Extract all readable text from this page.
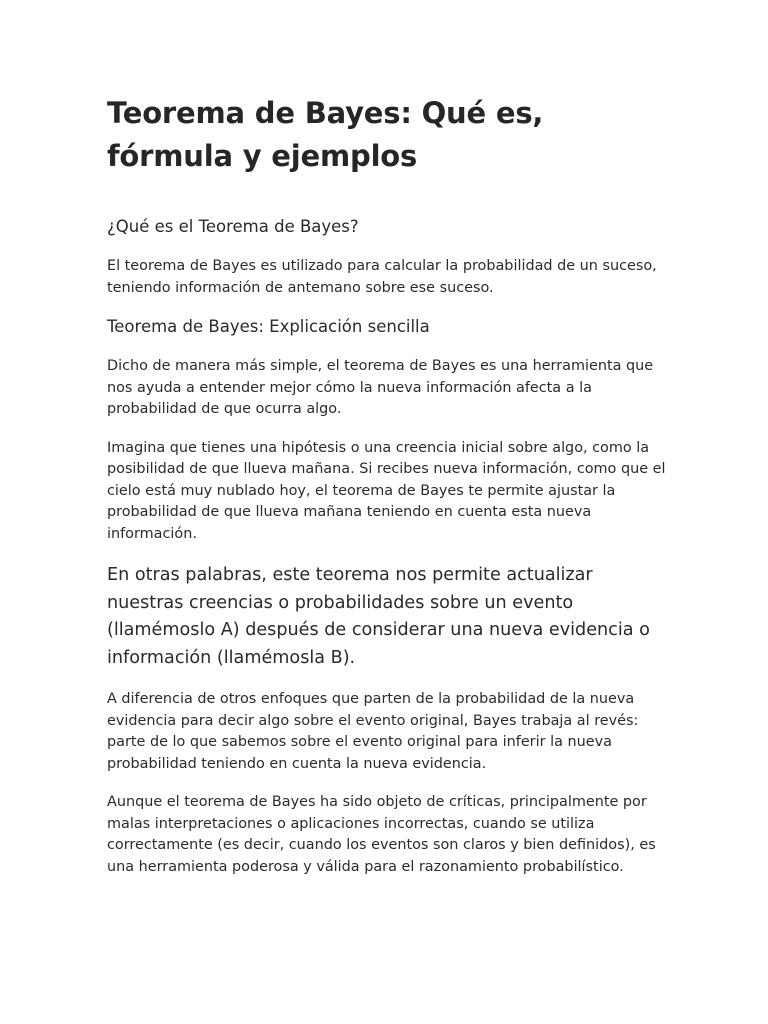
Teorema de Bayes: Qué es, fórmula y ejemplos
¿Qué es el Teorema de Bayes?

El teorema de Bayes es utilizado para calcular la probabilidad de un suceso, teniendo información de antemano sobre ese suceso.

Teorema de Bayes: Explicación sencilla

Dicho de manera más simple, el teorema de Bayes es una herramienta que nos ayuda a entender mejor cómo la nueva información afecta a la probabilidad de que ocurra algo.

Imagina que tienes una hipótesis o una creencia inicial sobre algo, como la posibilidad de que llueva mañana. Si recibes nueva información, como que el cielo está muy nublado hoy, el teorema de Bayes te permite ajustar la probabilidad de que llueva mañana teniendo en cuenta esta nueva información.

En otras palabras, este teorema nos permite actualizar nuestras creencias o probabilidades sobre un evento (llamémoslo A) después de considerar una nueva evidencia o información (llamémosla B).

A diferencia de otros enfoques que parten de la probabilidad de la nueva evidencia para decir algo sobre el evento original, Bayes trabaja al revés: parte de lo que sabemos sobre el evento original para inferir la nueva probabilidad teniendo en cuenta la nueva evidencia.

Aunque el teorema de Bayes ha sido objeto de críticas, principalmente por malas interpretaciones o aplicaciones incorrectas, cuando se utiliza correctamente (es decir, cuando los eventos son claros y bien definidos), es una herramienta poderosa y válida para el razonamiento probabilístico.
